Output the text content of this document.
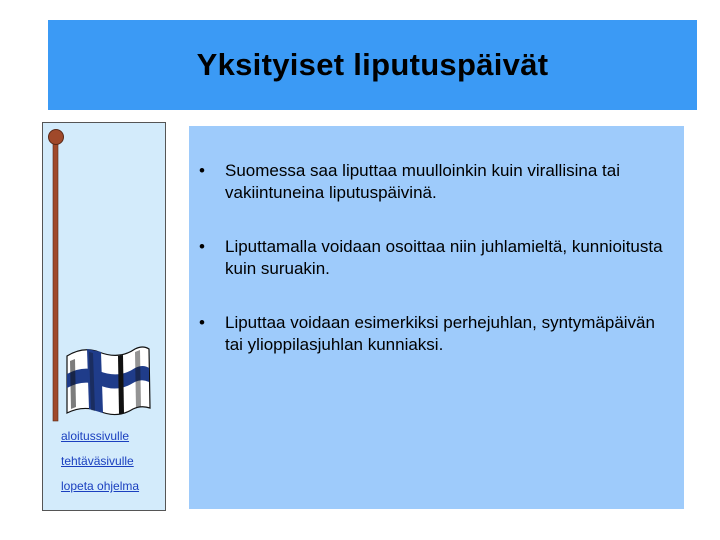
Yksityiset liputuspäivät
aloitussivulle
tehtäväsivulle
lopeta ohjelma
•	Suomessa saa liputtaa muulloinkin kuin virallisina tai vakiintuneina liputuspäivinä.
•	Liputtamalla voidaan osoittaa niin juhlamieltä, kunnioitusta kuin suruakin.
•	Liputtaa voidaan esimerkiksi perhejuhlan, syntymäpäivän tai ylioppilasjuhlan kunniaksi.
